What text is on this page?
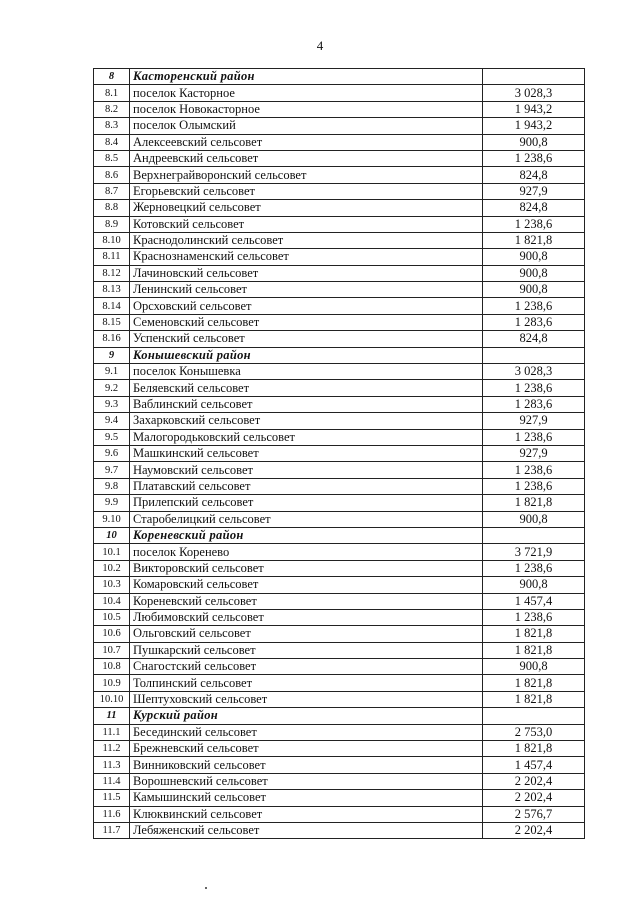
4
8	Касторенский район	
8.1	поселок Касторное	3 028,3
8.2	поселок Новокасторное	1 943,2
8.3	поселок Олымский	1 943,2
8.4	Алексеевский сельсовет	900,8
8.5	Андреевский сельсовет	1 238,6
8.6	Верхнеграйворонский сельсовет	824,8
8.7	Егорьевский сельсовет	927,9
8.8	Жерновецкий сельсовет	824,8
8.9	Котовский сельсовет	1 238,6
8.10	Краснодолинский сельсовет	1 821,8
8.11	Краснознаменский сельсовет	900,8
8.12	Лачиновский сельсовет	900,8
8.13	Ленинский сельсовет	900,8
8.14	Орсховский сельсовет	1 238,6
8.15	Семеновский сельсовет	1 283,6
8.16	Успенский сельсовет	824,8
9	Конышевский район	
9.1	поселок Конышевка	3 028,3
9.2	Беляевский сельсовет	1 238,6
9.3	Ваблинский сельсовет	1 283,6
9.4	Захарковский сельсовет	927,9
9.5	Малогородьковский сельсовет	1 238,6
9.6	Машкинский сельсовет	927,9
9.7	Наумовский сельсовет	1 238,6
9.8	Платавский сельсовет	1 238,6
9.9	Прилепский сельсовет	1 821,8
9.10	Старобелицкий сельсовет	900,8
10	Кореневский район	
10.1	поселок Коренево	3 721,9
10.2	Викторовский сельсовет	1 238,6
10.3	Комаровский сельсовет	900,8
10.4	Кореневский сельсовет	1 457,4
10.5	Любимовский сельсовет	1 238,6
10.6	Ольговский сельсовет	1 821,8
10.7	Пушкарский сельсовет	1 821,8
10.8	Снагостский сельсовет	900,8
10.9	Толпинский сельсовет	1 821,8
10.10	Шептуховский сельсовет	1 821,8
11	Курский район	
11.1	Бесединский сельсовет	2 753,0
11.2	Брежневский сельсовет	1 821,8
11.3	Винниковский сельсовет	1 457,4
11.4	Ворошневский сельсовет	2 202,4
11.5	Камышинский сельсовет	2 202,4
11.6	Клюквинский сельсовет	2 576,7
11.7	Лебяженский сельсовет	2 202,4
